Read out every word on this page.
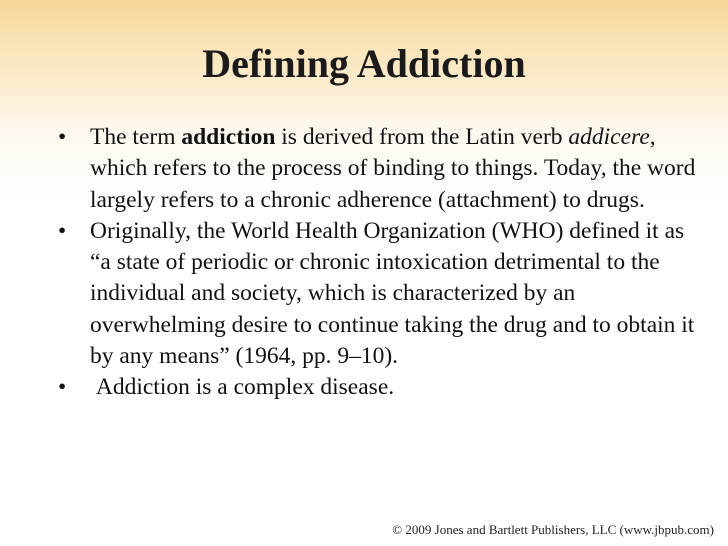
Defining Addiction
• The term addiction is derived from the Latin verb addicere, which refers to the process of binding to things. Today, the word largely refers to a chronic adherence (attachment) to drugs.
• Originally, the World Health Organization (WHO) defined it as “a state of periodic or chronic intoxication detrimental to the individual and society, which is characterized by an overwhelming desire to continue taking the drug and to obtain it by any means” (1964, pp. 9–10).
• Addiction is a complex disease.
© 2009 Jones and Bartlett Publishers, LLC (www.jbpub.com)
